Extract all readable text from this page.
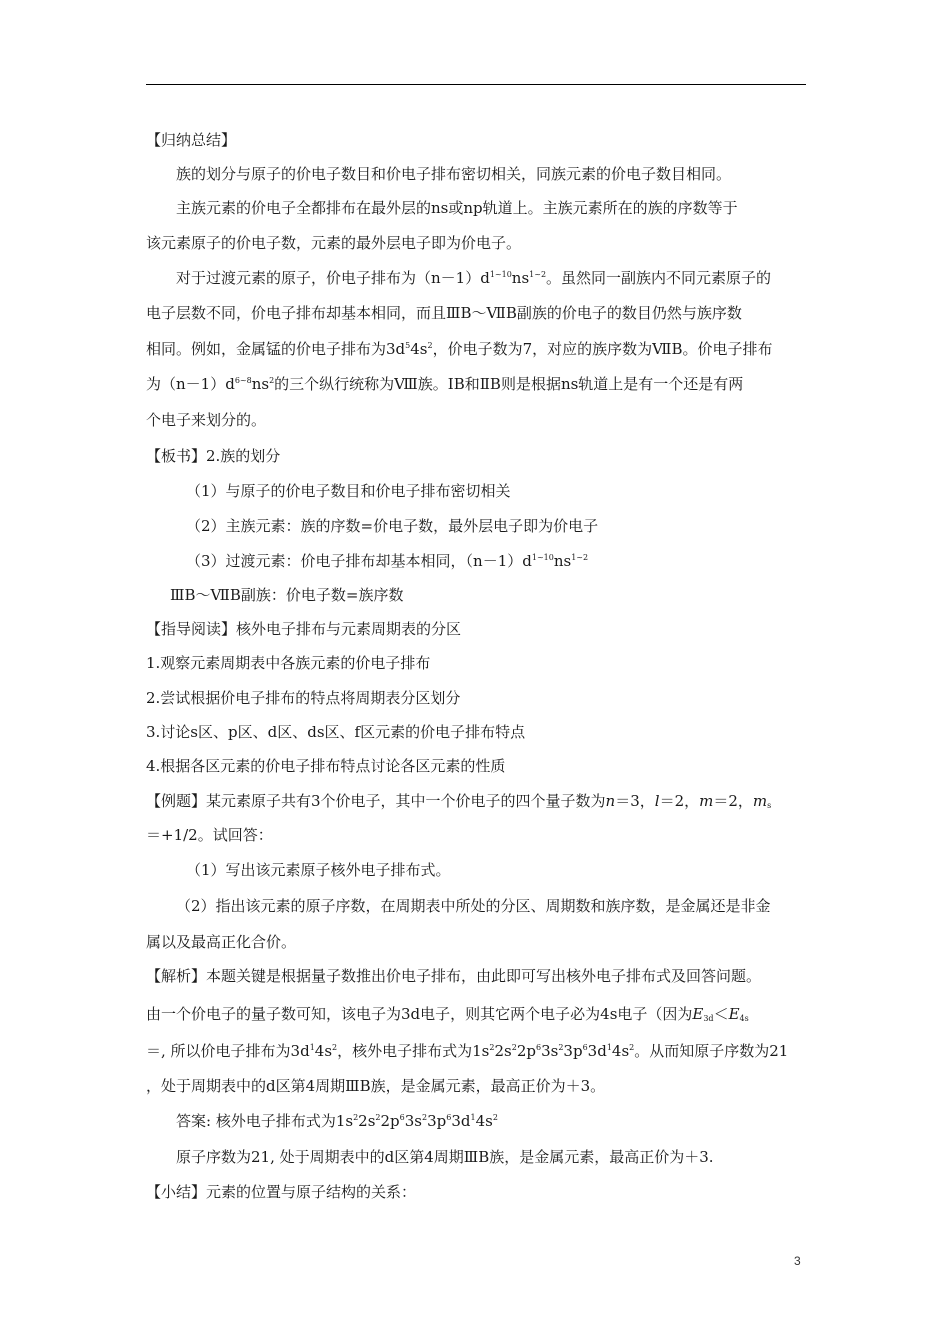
【归纳总结】
族的划分与原子的价电子数目和价电子排布密切相关，同族元素的价电子数目相同。
主族元素的价电子全都排布在最外层的ns或np轨道上。主族元素所在的族的序数等于
该元素原子的价电子数，元素的最外层电子即为价电子。
对于过渡元素的原子，价电子排布为$(n-1)d^{1\sim 10}ns^{1\sim 2}$。虽然同一副族内不同元素原子的
电子层数不同，价电子排布却基本相同，而且ⅢB～ⅦB副族的价电子的数目仍然与族序数
相同。例如，金属锰的价电子排布为$3d^54s^2$，价电子数为7，对应的族序数为ⅦB。价电子排布
为$(n-1)d^{6\sim 8}ns^2$的三个纵行统称为Ⅷ族。ⅠB和ⅡB则是根据ns轨道上是有一个还是有两
个电子来划分的。
【板书】2.族的划分
（1）与原子的价电子数目和价电子排布密切相关
（2）主族元素：族的序数=价电子数，最外层电子即为价电子
（3）过渡元素：价电子排布却基本相同，$(n-1)d^{1\sim 10}ns^{1\sim 2}$
ⅢB～ⅦB副族：价电子数=族序数
【指导阅读】核外电子排布与元素周期表的分区
1.观察元素周期表中各族元素的价电子排布
2.尝试根据价电子排布的特点将周期表分区划分
3.讨论s区、p区、d区、ds区、f区元素的价电子排布特点
4.根据各区元素的价电子排布特点讨论各区元素的性质
【例题】某元素原子共有3个价电子，其中一个价电子的四个量子数为n＝3，l＝2，m＝2，$m_s$
＝+1/2。试回答：
（1）写出该元素原子核外电子排布式。
（2）指出该元素的原子序数，在周期表中所处的分区、周期数和族序数，是金属还是非金
属以及最高正化合价。
【解析】本题关键是根据量子数推出价电子排布，由此即可写出核外电子排布式及回答问题。
由一个价电子的量子数可知，该电子为3d电子，则其它两个电子必为4s电子（因为$E_{3d}<E_{4s}$
＝, 所以价电子排布为$3d^14s^2$，核外电子排布式为$1s^22s^22p^63s^23p^63d^14s^2$。从而知原子序数为21
，处于周期表中的d区第4周期ⅢB族，是金属元素，最高正价为＋3。
答案: 核外电子排布式为$1s^22s^22p^63s^23p^63d^14s^2$
原子序数为21, 处于周期表中的d区第4周期ⅢB族，是金属元素，最高正价为＋3.
【小结】元素的位置与原子结构的关系：
3
